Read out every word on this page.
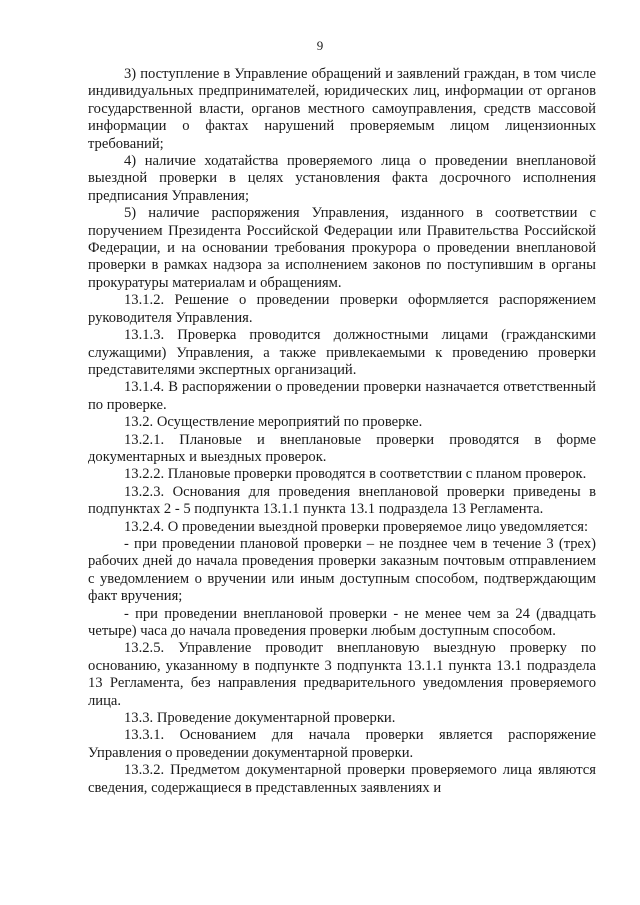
9

3) поступление в Управление обращений и заявлений граждан, в том числе индивидуальных предпринимателей, юридических лиц, информации от органов государственной власти, органов местного самоуправления, средств массовой информации о фактах нарушений проверяемым лицом лицензионных требований;

4) наличие ходатайства проверяемого лица о проведении внеплановой выездной проверки в целях установления факта досрочного исполнения предписания Управления;

5) наличие распоряжения Управления, изданного в соответствии с поручением Президента Российской Федерации или Правительства Российской Федерации, и на основании требования прокурора о проведении внеплановой проверки в рамках надзора за исполнением законов по поступившим в органы прокуратуры материалам и обращениям.

13.1.2. Решение о проведении проверки оформляется распоряжением руководителя Управления.

13.1.3. Проверка проводится должностными лицами (гражданскими служащими) Управления, а также привлекаемыми к проведению проверки представителями экспертных организаций.

13.1.4. В распоряжении о проведении проверки назначается ответственный по проверке.

13.2. Осуществление мероприятий по проверке.

13.2.1. Плановые и внеплановые проверки проводятся в форме документарных и выездных проверок.

13.2.2. Плановые проверки проводятся в соответствии с планом проверок.

13.2.3. Основания для проведения внеплановой проверки приведены в подпунктах 2 - 5 подпункта 13.1.1 пункта 13.1 подраздела 13 Регламента.

13.2.4. О проведении выездной проверки проверяемое лицо уведомляется:

- при проведении плановой проверки – не позднее чем в течение 3 (трех) рабочих дней до начала проведения проверки заказным почтовым отправлением с уведомлением о вручении или иным доступным способом, подтверждающим факт вручения;

- при проведении внеплановой проверки - не менее чем за 24 (двадцать четыре) часа до начала проведения проверки любым доступным способом.

13.2.5. Управление проводит внеплановую выездную проверку по основанию, указанному в подпункте 3 подпункта 13.1.1 пункта 13.1 подраздела 13 Регламента, без направления предварительного уведомления проверяемого лица.

13.3. Проведение документарной проверки.

13.3.1. Основанием для начала проверки является распоряжение Управления о проведении документарной проверки.

13.3.2. Предметом документарной проверки проверяемого лица являются сведения, содержащиеся в представленных заявлениях и
